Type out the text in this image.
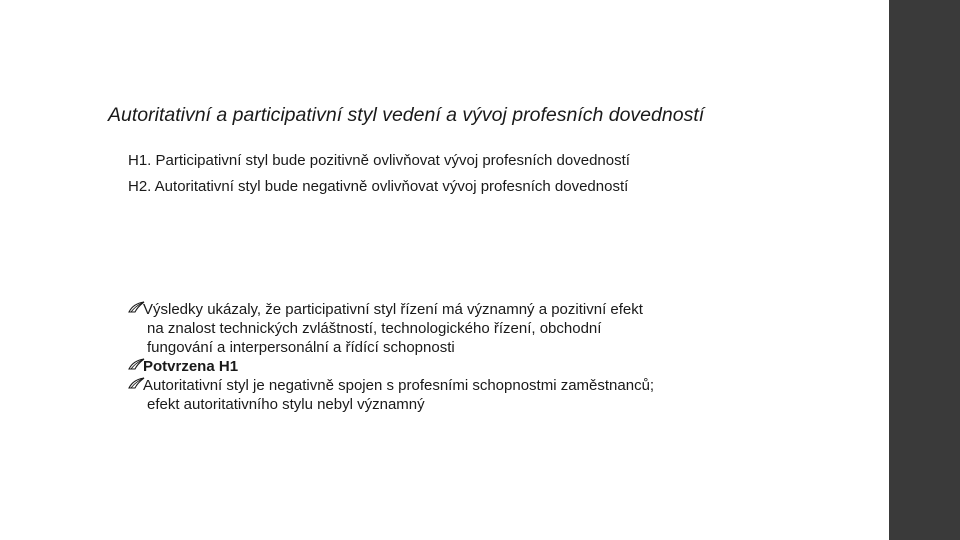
Autoritativní a participativní styl vedení a vývoj profesních dovedností
H1. Participativní styl bude pozitivně ovlivňovat vývoj profesních dovedností
H2. Autoritativní styl bude negativně ovlivňovat vývoj profesních dovedností
Výsledky ukázaly, že participativní styl řízení má významný a pozitivní efekt
na znalost technických zvláštností, technologického řízení, obchodní
fungování a interpersonální a řídící schopnosti
Potvrzena H1
Autoritativní styl je negativně spojen s profesními schopnostmi zaměstnanců;
efekt autoritativního stylu nebyl významný
